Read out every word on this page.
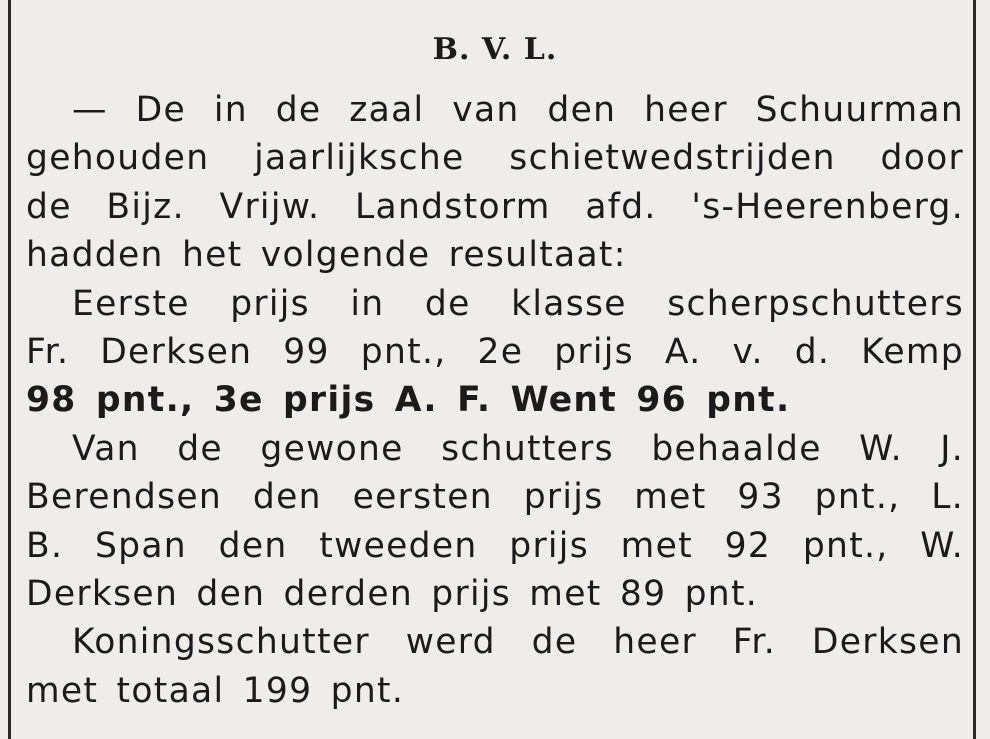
B. V. L.
— De in de zaal van den heer Schuurman
gehouden jaarlijksche schietwedstrijden door
de Bijz. Vrijw. Landstorm afd. 's-Heerenberg.
hadden het volgende resultaat:
Eerste prijs in de klasse scherpschutters
Fr. Derksen 99 pnt., 2e prijs A. v. d. Kemp
98 pnt., 3e prijs A. F. Went 96 pnt.
Van de gewone schutters behaalde W. J.
Berendsen den eersten prijs met 93 pnt., L.
B. Span den tweeden prijs met 92 pnt., W.
Derksen den derden prijs met 89 pnt.
Koningsschutter werd de heer Fr. Derksen
met totaal 199 pnt.
